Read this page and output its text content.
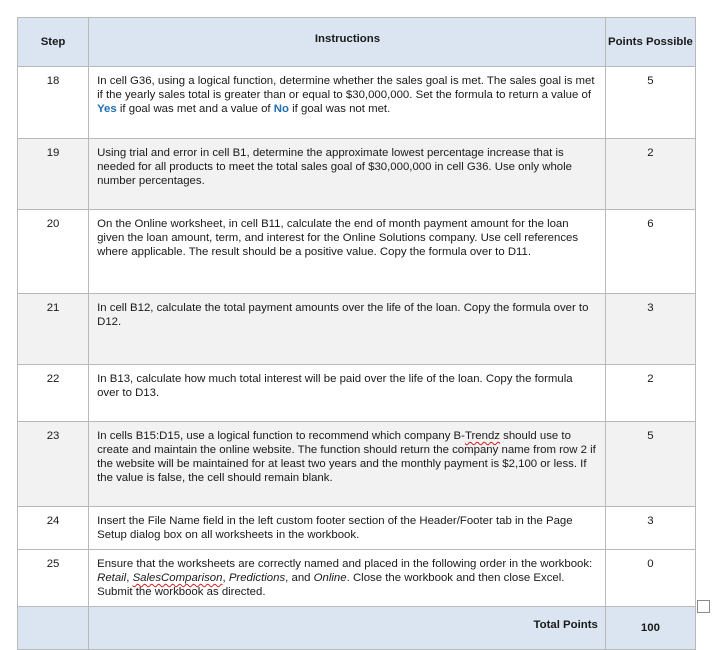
Step	Instructions	Points Possible
18	In cell G36, using a logical function, determine whether the sales goal is met. The sales goal is met if the yearly sales total is greater than or equal to $30,000,000. Set the formula to return a value of Yes if goal was met and a value of No if goal was not met.	5
19	Using trial and error in cell B1, determine the approximate lowest percentage increase that is needed for all products to meet the total sales goal of $30,000,000 in cell G36. Use only whole number percentages.	2
20	On the Online worksheet, in cell B11, calculate the end of month payment amount for the loan given the loan amount, term, and interest for the Online Solutions company. Use cell references where applicable. The result should be a positive value. Copy the formula over to D11.	6
21	In cell B12, calculate the total payment amounts over the life of the loan. Copy the formula over to D12.	3
22	In B13, calculate how much total interest will be paid over the life of the loan. Copy the formula over to D13.	2
23	In cells B15:D15, use a logical function to recommend which company B-Trendz should use to create and maintain the online website. The function should return the company name from row 2 if the website will be maintained for at least two years and the monthly payment is $2,100 or less. If the value is false, the cell should remain blank.	5
24	Insert the File Name field in the left custom footer section of the Header/Footer tab in the Page Setup dialog box on all worksheets in the workbook.	3
25	Ensure that the worksheets are correctly named and placed in the following order in the workbook: Retail, SalesComparison, Predictions, and Online. Close the workbook and then close Excel. Submit the workbook as directed.	0
	Total Points	100
